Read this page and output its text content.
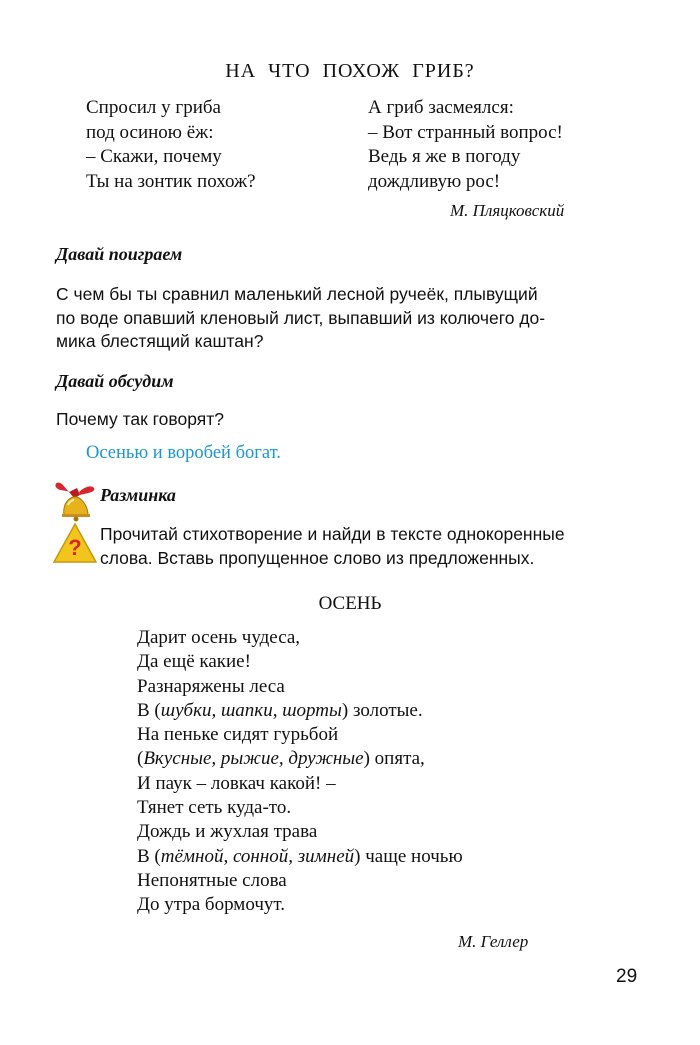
НА ЧТО ПОХОЖ ГРИБ?
Спросил у гриба
под осиною ёж:
– Скажи, почему
Ты на зонтик похож?
А гриб засмеялся:
– Вот странный вопрос!
Ведь я же в погоду
дождливую рос!
М. Пляцковский
Давай поиграем
С чем бы ты сравнил маленький лесной ручеёк, плывущий
по воде опавший кленовый лист, выпавший из колючего до-
мика блестящий каштан?
Давай обсудим
Почему так говорят?
Осенью и воробей богат.
Разминка
?
Прочитай стихотворение и найди в тексте однокоренные
слова. Вставь пропущенное слово из предложенных.
ОСЕНЬ
Дарит осень чудеса,
Да ещё какие!
Разнаряжены леса
В (шубки, шапки, шорты) золотые.
На пеньке сидят гурьбой
(Вкусные, рыжие, дружные) опята,
И паук – ловкач какой! –
Тянет сеть куда-то.
Дождь и жухлая трава
В (тёмной, сонной, зимней) чаще ночью
Непонятные слова
До утра бормочут.
М. Геллер
29
